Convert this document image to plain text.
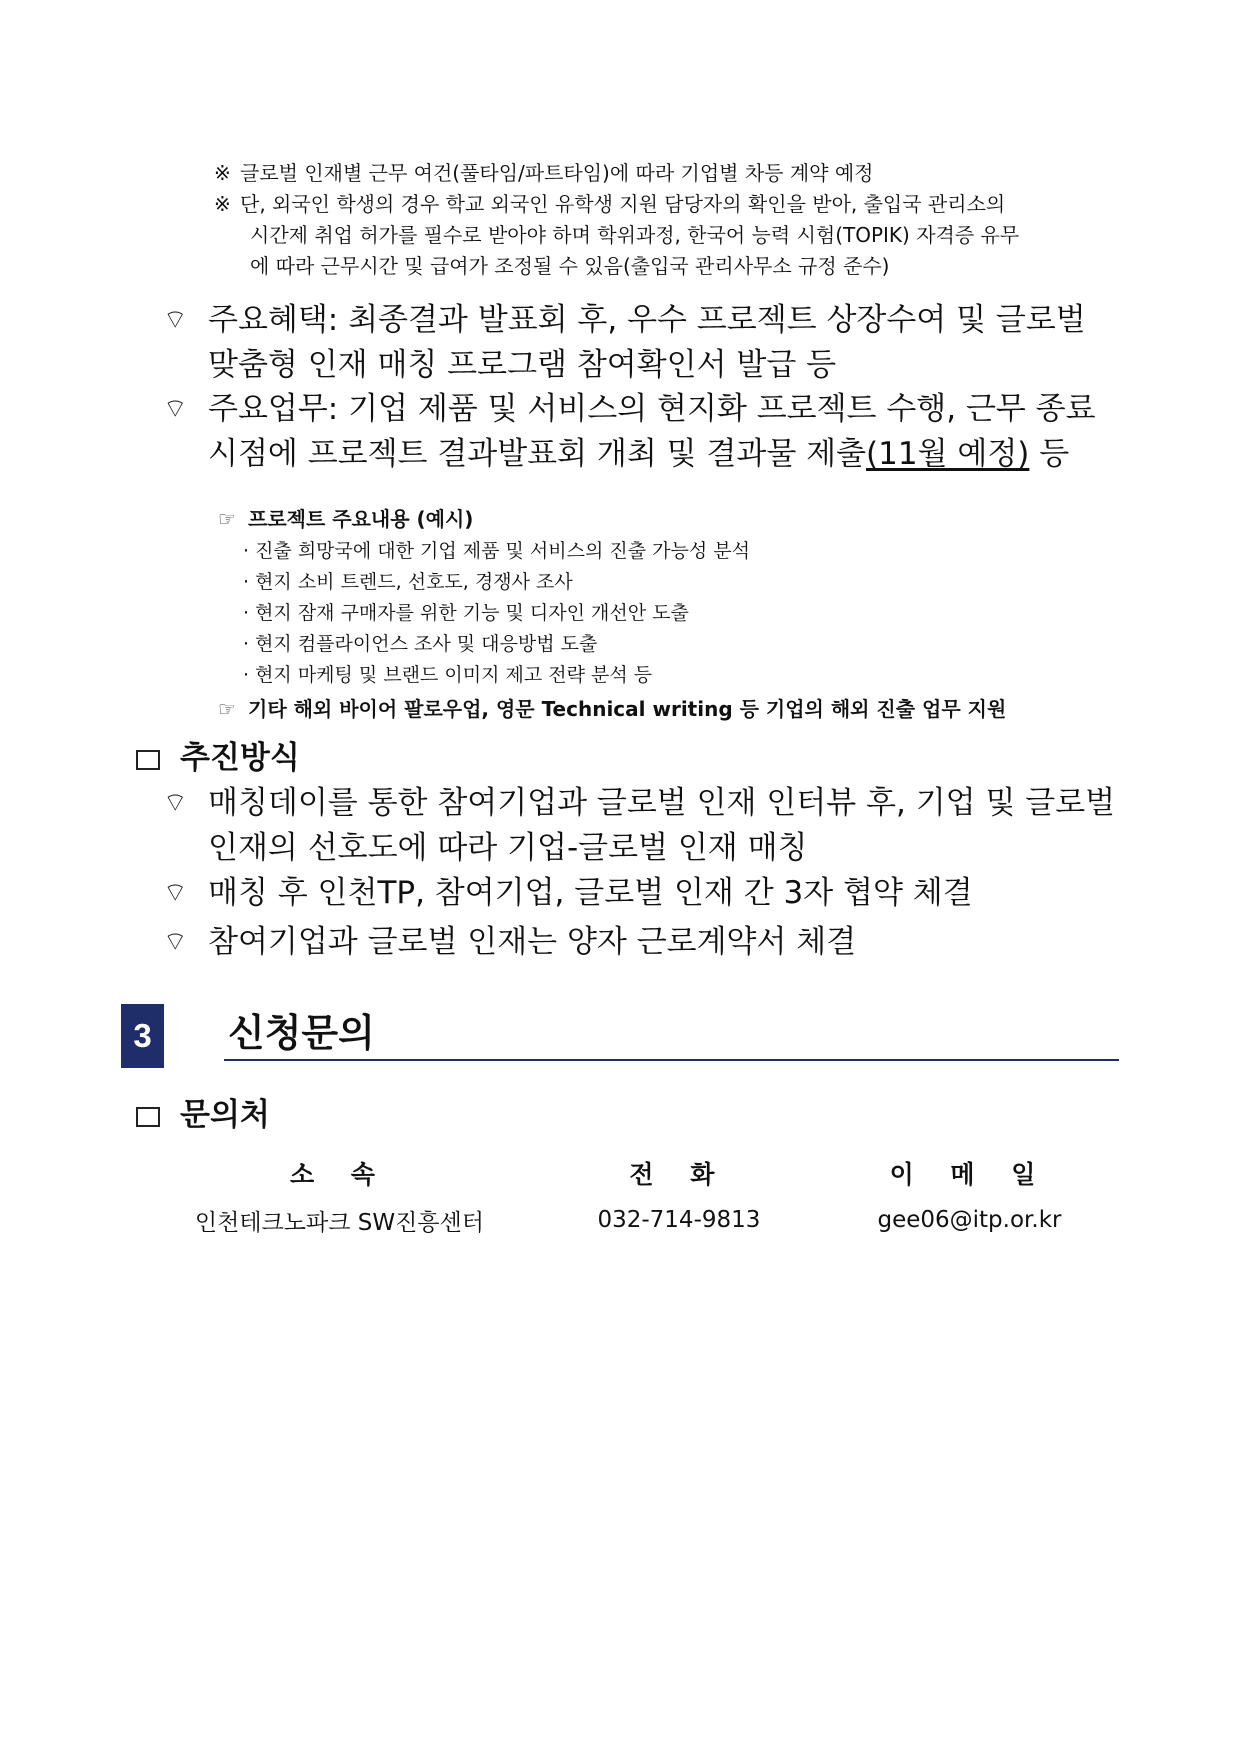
※ 글로벌 인재별 근무 여건(풀타임/파트타임)에 따라 기업별 차등 계약 예정
※ 단, 외국인 학생의 경우 학교 외국인 유학생 지원 담당자의 확인을 받아, 출입국 관리소의
시간제 취업 허가를 필수로 받아야 하며 학위과정, 한국어 능력 시험(TOPIK) 자격증 유무
에 따라 근무시간 및 급여가 조정될 수 있음(출입국 관리사무소 규정 준수)
⌔ 주요혜택: 최종결과 발표회 후, 우수 프로젝트 상장수여 및 글로벌
맞춤형 인재 매칭 프로그램 참여확인서 발급 등
⌔ 주요업무: 기업 제품 및 서비스의 현지화 프로젝트 수행, 근무 종료
시점에 프로젝트 결과발표회 개최 및 결과물 제출(11월 예정) 등
☞ 프로젝트 주요내용 (예시)
· 진출 희망국에 대한 기업 제품 및 서비스의 진출 가능성 분석
· 현지 소비 트렌드, 선호도, 경쟁사 조사
· 현지 잠재 구매자를 위한 기능 및 디자인 개선안 도출
· 현지 컴플라이언스 조사 및 대응방법 도출
· 현지 마케팅 및 브랜드 이미지 제고 전략 분석 등
☞ 기타 해외 바이어 팔로우업, 영문 Technical writing 등 기업의 해외 진출 업무 지원
추진방식
⌔ 매칭데이를 통한 참여기업과 글로벌 인재 인터뷰 후, 기업 및 글로벌
인재의 선호도에 따라 기업-글로벌 인재 매칭
⌔ 매칭 후 인천TP, 참여기업, 글로벌 인재 간 3자 협약 체결
⌔ 참여기업과 글로벌 인재는 양자 근로계약서 체결
3	신청문의
문의처
소 속	전 화	이 메 일
인천테크노파크 SW진흥센터	032-714-9813	gee06@itp.or.kr
